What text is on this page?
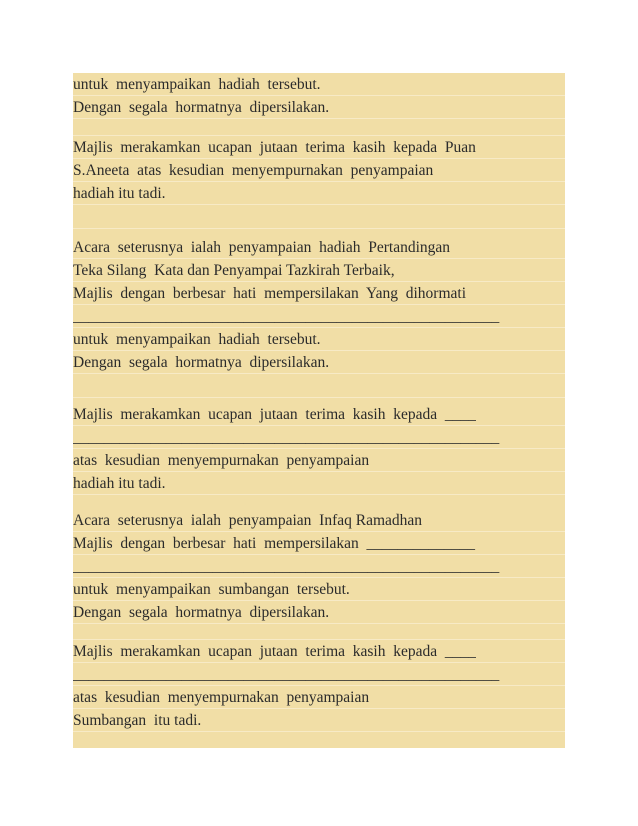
untuk  menyampaikan  hadiah  tersebut.
Dengan  segala  hormatnya  dipersilakan.
Majlis  merakamkan  ucapan  jutaan  terima  kasih  kepada  Puan
S.Aneeta  atas  kesudian  menyempurnakan  penyampaian
hadiah itu tadi.
Acara  seterusnya  ialah  penyampaian  hadiah  Pertandingan
Teka Silang  Kata dan Penyampai Tazkirah Terbaik,
Majlis  dengan  berbesar  hati  mempersilakan  Yang  dihormati
_______________________________________________________
untuk  menyampaikan  hadiah  tersebut.
Dengan  segala  hormatnya  dipersilakan.
Majlis  merakamkan  ucapan  jutaan  terima  kasih  kepada  ____
_______________________________________________________
atas  kesudian  menyempurnakan  penyampaian
hadiah itu tadi.
Acara  seterusnya  ialah  penyampaian  Infaq Ramadhan
Majlis  dengan  berbesar  hati  mempersilakan  ______________
_______________________________________________________
untuk  menyampaikan  sumbangan  tersebut.
Dengan  segala  hormatnya  dipersilakan.
Majlis  merakamkan  ucapan  jutaan  terima  kasih  kepada  ____
_______________________________________________________
atas  kesudian  menyempurnakan  penyampaian
Sumbangan  itu tadi.
